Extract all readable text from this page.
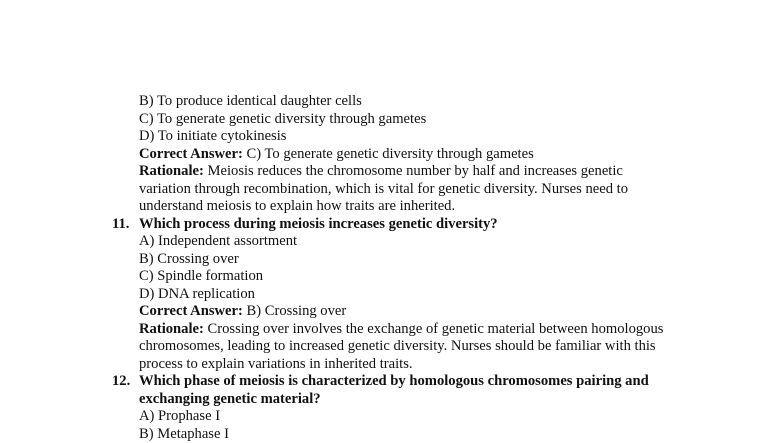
B) To produce identical daughter cells
C) To generate genetic diversity through gametes
D) To initiate cytokinesis
Correct Answer: C) To generate genetic diversity through gametes
Rationale: Meiosis reduces the chromosome number by half and increases genetic
variation through recombination, which is vital for genetic diversity. Nurses need to
understand meiosis to explain how traits are inherited.
11. Which process during meiosis increases genetic diversity?
A) Independent assortment
B) Crossing over
C) Spindle formation
D) DNA replication
Correct Answer: B) Crossing over
Rationale: Crossing over involves the exchange of genetic material between homologous
chromosomes, leading to increased genetic diversity. Nurses should be familiar with this
process to explain variations in inherited traits.
12. Which phase of meiosis is characterized by homologous chromosomes pairing and
exchanging genetic material?
A) Prophase I
B) Metaphase I
